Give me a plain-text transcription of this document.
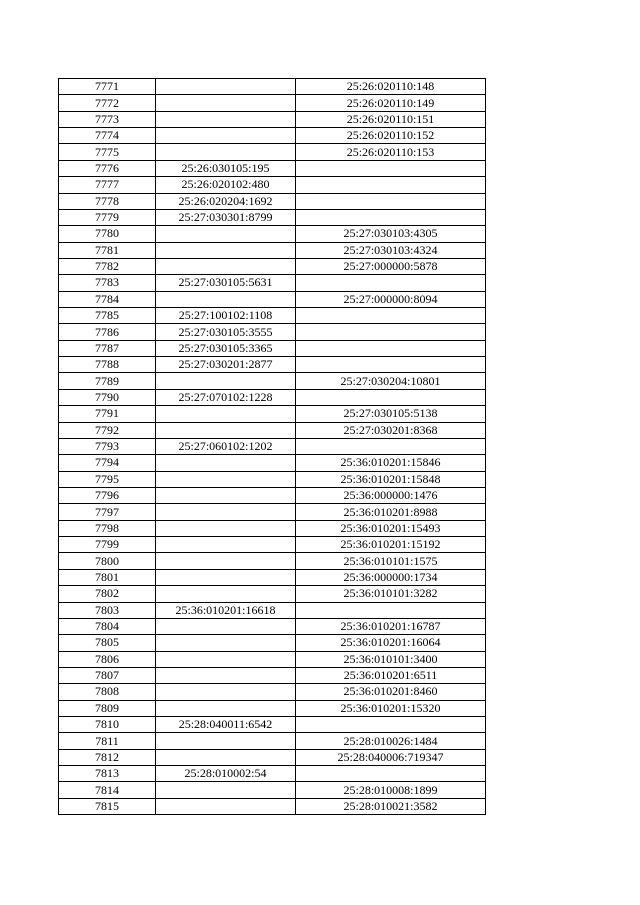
7771		25:26:020110:148
7772		25:26:020110:149
7773		25:26:020110:151
7774		25:26:020110:152
7775		25:26:020110:153
7776	25:26:030105:195	
7777	25:26:020102:480	
7778	25:26:020204:1692	
7779	25:27:030301:8799	
7780		25:27:030103:4305
7781		25:27:030103:4324
7782		25:27:000000:5878
7783	25:27:030105:5631	
7784		25:27:000000:8094
7785	25:27:100102:1108	
7786	25:27:030105:3555	
7787	25:27:030105:3365	
7788	25:27:030201:2877	
7789		25:27:030204:10801
7790	25:27:070102:1228	
7791		25:27:030105:5138
7792		25:27:030201:8368
7793	25:27:060102:1202	
7794		25:36:010201:15846
7795		25:36:010201:15848
7796		25:36:000000:1476
7797		25:36:010201:8988
7798		25:36:010201:15493
7799		25:36:010201:15192
7800		25:36:010101:1575
7801		25:36:000000:1734
7802		25:36:010101:3282
7803	25:36:010201:16618	
7804		25:36:010201:16787
7805		25:36:010201:16064
7806		25:36:010101:3400
7807		25:36:010201:6511
7808		25:36:010201:8460
7809		25:36:010201:15320
7810	25:28:040011:6542	
7811		25:28:010026:1484
7812		25:28:040006:719347
7813	25:28:010002:54	
7814		25:28:010008:1899
7815		25:28:010021:3582
